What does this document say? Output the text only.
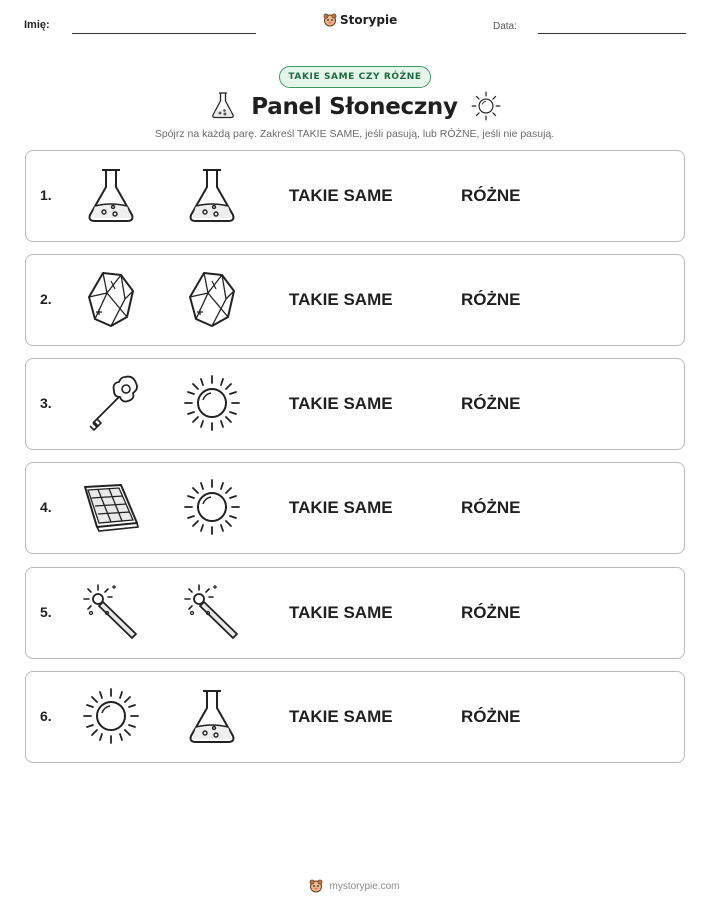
Imię:	Storypie	Data:
TAKIE SAME CZY RÓŻNE
Panel Słoneczny
Spójrz na każdą parę. Zakreśl TAKIE SAME, jeśli pasują, lub RÓŻNE, jeśli nie pasują.
1.	TAKIE SAME	RÓŻNE
2.	TAKIE SAME	RÓŻNE
3.	TAKIE SAME	RÓŻNE
4.	TAKIE SAME	RÓŻNE
5.	TAKIE SAME	RÓŻNE
6.	TAKIE SAME	RÓŻNE
mystorypie.com
